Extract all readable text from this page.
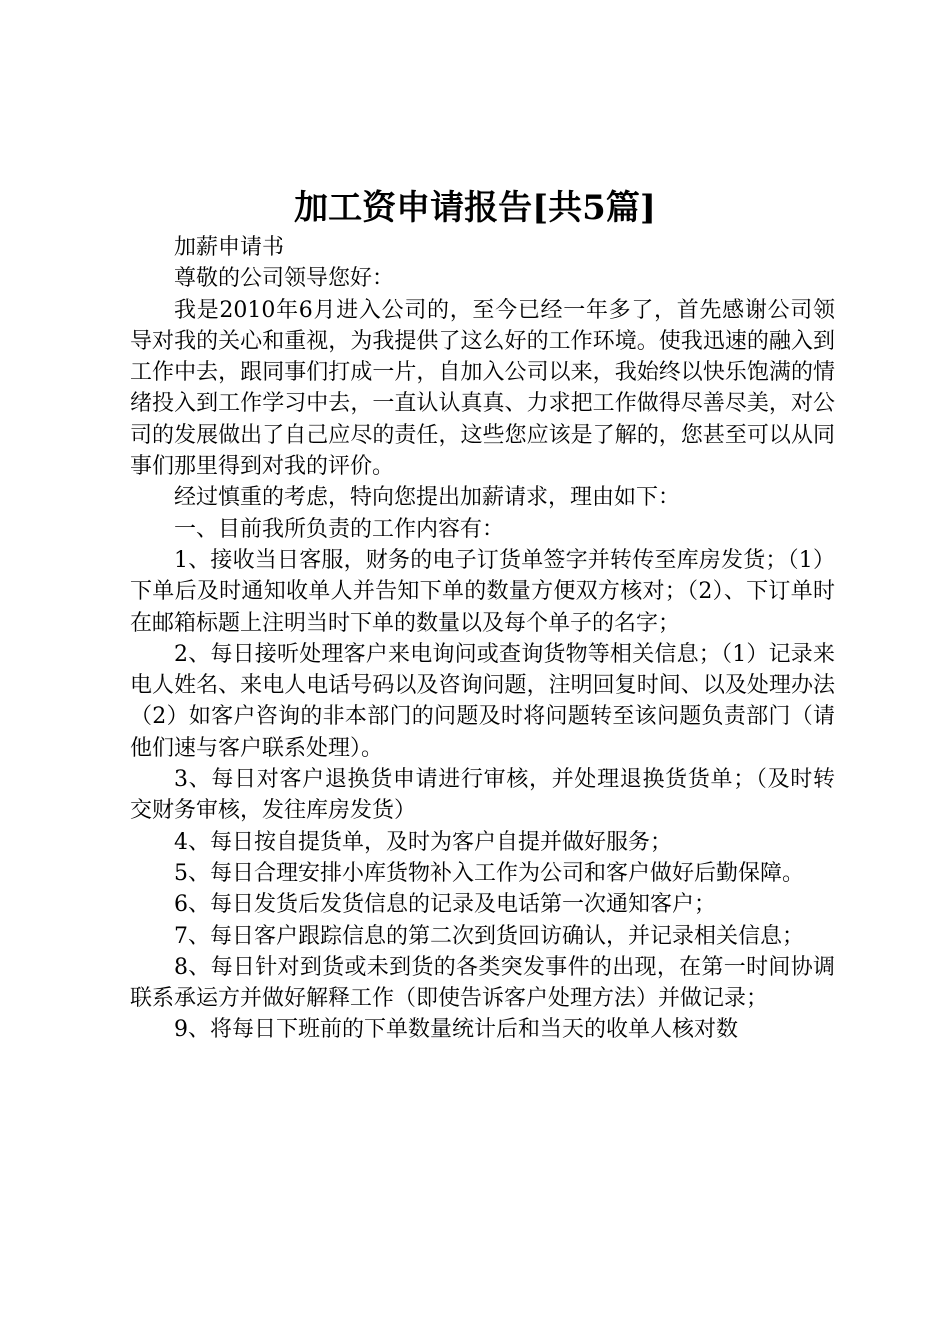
加工资申请报告[共5篇]

加薪申请书

尊敬的公司领导您好：

我是2010年6月进入公司的，至今已经一年多了，首先感谢公司领导对我的关心和重视，为我提供了这么好的工作环境。使我迅速的融入到工作中去，跟同事们打成一片，自加入公司以来，我始终以快乐饱满的情绪投入到工作学习中去，一直认认真真、力求把工作做得尽善尽美，对公司的发展做出了自己应尽的责任，这些您应该是了解的，您甚至可以从同事们那里得到对我的评价。

经过慎重的考虑，特向您提出加薪请求，理由如下：

一、目前我所负责的工作内容有：

1、接收当日客服，财务的电子订货单签字并转传至库房发货；（1）下单后及时通知收单人并告知下单的数量方便双方核对；（2）、下订单时在邮箱标题上注明当时下单的数量以及每个单子的名字；

2、每日接听处理客户来电询问或查询货物等相关信息；（1）记录来电人姓名、来电人电话号码以及咨询问题，注明回复时间、以及处理办法（2）如客户咨询的非本部门的问题及时将问题转至该问题负责部门（请他们速与客户联系处理）。

3、每日对客户退换货申请进行审核，并处理退换货货单；（及时转交财务审核，发往库房发货）

4、每日按自提货单，及时为客户自提并做好服务；

5、每日合理安排小库货物补入工作为公司和客户做好后勤保障。

6、每日发货后发货信息的记录及电话第一次通知客户；

7、每日客户跟踪信息的第二次到货回访确认，并记录相关信息；

8、每日针对到货或未到货的各类突发事件的出现，在第一时间协调联系承运方并做好解释工作（即使告诉客户处理方法）并做记录；

9、将每日下班前的下单数量统计后和当天的收单人核对数
